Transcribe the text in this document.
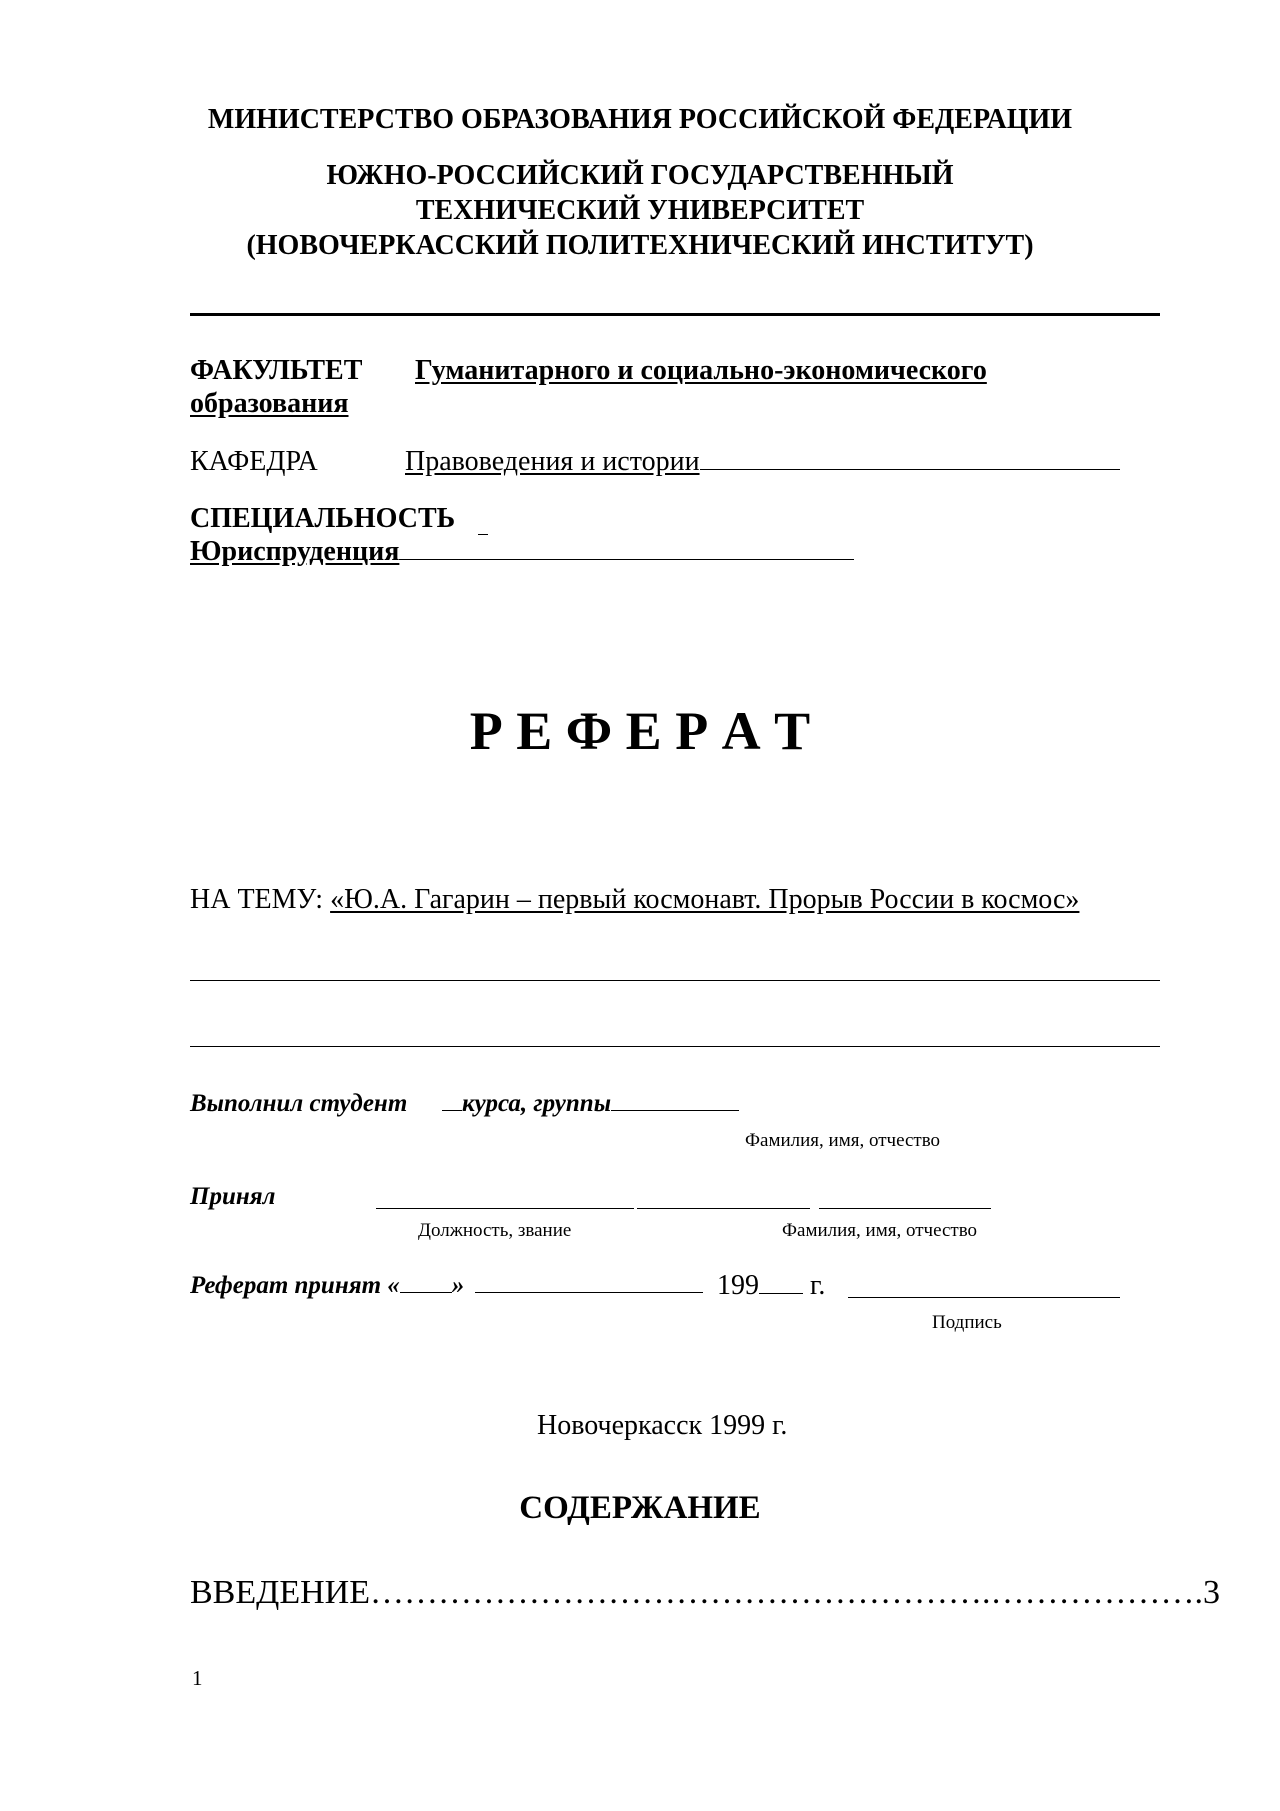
МИНИСТЕРСТВО ОБРАЗОВАНИЯ РОССИЙСКОЙ ФЕДЕРАЦИИ
ЮЖНО-РОССИЙСКИЙ ГОСУДАРСТВЕННЫЙ
ТЕХНИЧЕСКИЙ УНИВЕРСИТЕТ
(НОВОЧЕРКАССКИЙ ПОЛИТЕХНИЧЕСКИЙ ИНСТИТУТ)
ФАКУЛЬТЕТ Гуманитарного и социально-экономического
образования
КАФЕДРА	Правоведения и истории
СПЕЦИАЛЬНОСТЬ
Юриспруденция
Р Е Ф Е Р А Т
НА ТЕМУ: «Ю.А. Гагарин – первый космонавт. Прорыв России в космос»
Выполнил студент	курса, группы
Фамилия, имя, отчество
Принял
Должность, звание	Фамилия, имя, отчество
Реферат принят « »	199 г.
Подпись
Новочеркасск 1999 г.
СОДЕРЖАНИЕ
ВВЕДЕНИЕ……………………………………………….……………….3
1
